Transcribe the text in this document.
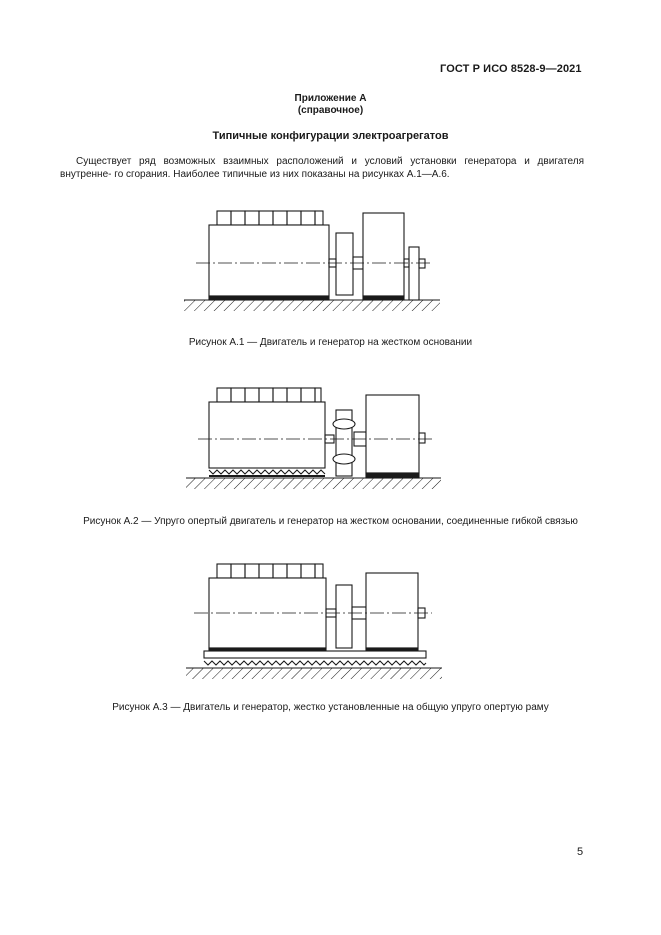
ГОСТ Р ИСО 8528-9—2021
Приложение А
(справочное)
Типичные конфигурации электроагрегатов

Существует ряд возможных взаимных расположений и условий установки генератора и двигателя внутренне- го сгорания. Наиболее типичные из них показаны на рисунках А.1—А.6.

Рисунок А.1 — Двигатель и генератор на жестком основании
Рисунок А.2 — Упруго опертый двигатель и генератор на жестком основании, соединенные гибкой связью
Рисунок А.3 — Двигатель и генератор, жестко установленные на общую упруго опертую раму
5
